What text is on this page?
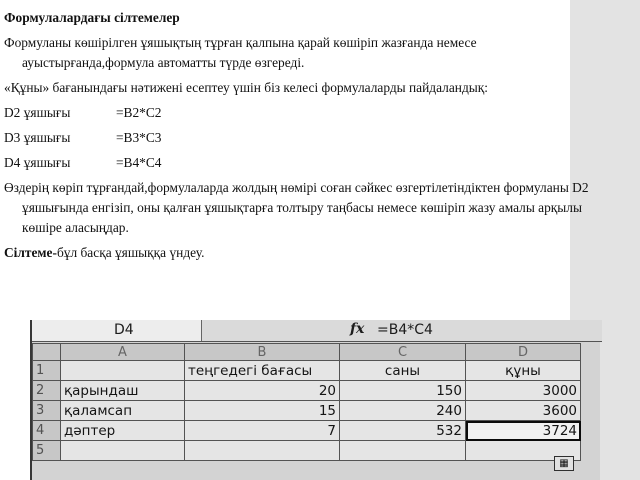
Формулалардағы сілтемелер

Формуланы көшірілген ұяшықтың тұрған қалпына қарай көшіріп жазғанда немесе ауыстырғанда,формула автоматты түрде өзгереді.

«Құны» бағанындағы нәтижені есептеу үшін біз келесі формулаларды пайдаландық:

D2 ұяшығы	=B2*C2
D3 ұяшығы	=B3*C3
D4 ұяшығы	=B4*C4

Өздерің көріп тұрғандай,формулаларда жолдың нөмірі соған сәйкес өзгертілетіндіктен формуланы D2 ұяшығында енгізіп, оны қалған ұяшықтарға толтыру таңбасы немесе көшіріп жазу амалы арқылы көшіре аласыңдар.

Сілтеме-бұл басқа ұяшыққа үндеу.

D4	fx =B4*C4
	A	B	C	D
1		теңгедегі бағасы	саны	құны
2	қарындаш	20	150	3000
3	қаламсап	15	240	3600
4	дәптер	7	532	3724
5				
▦
